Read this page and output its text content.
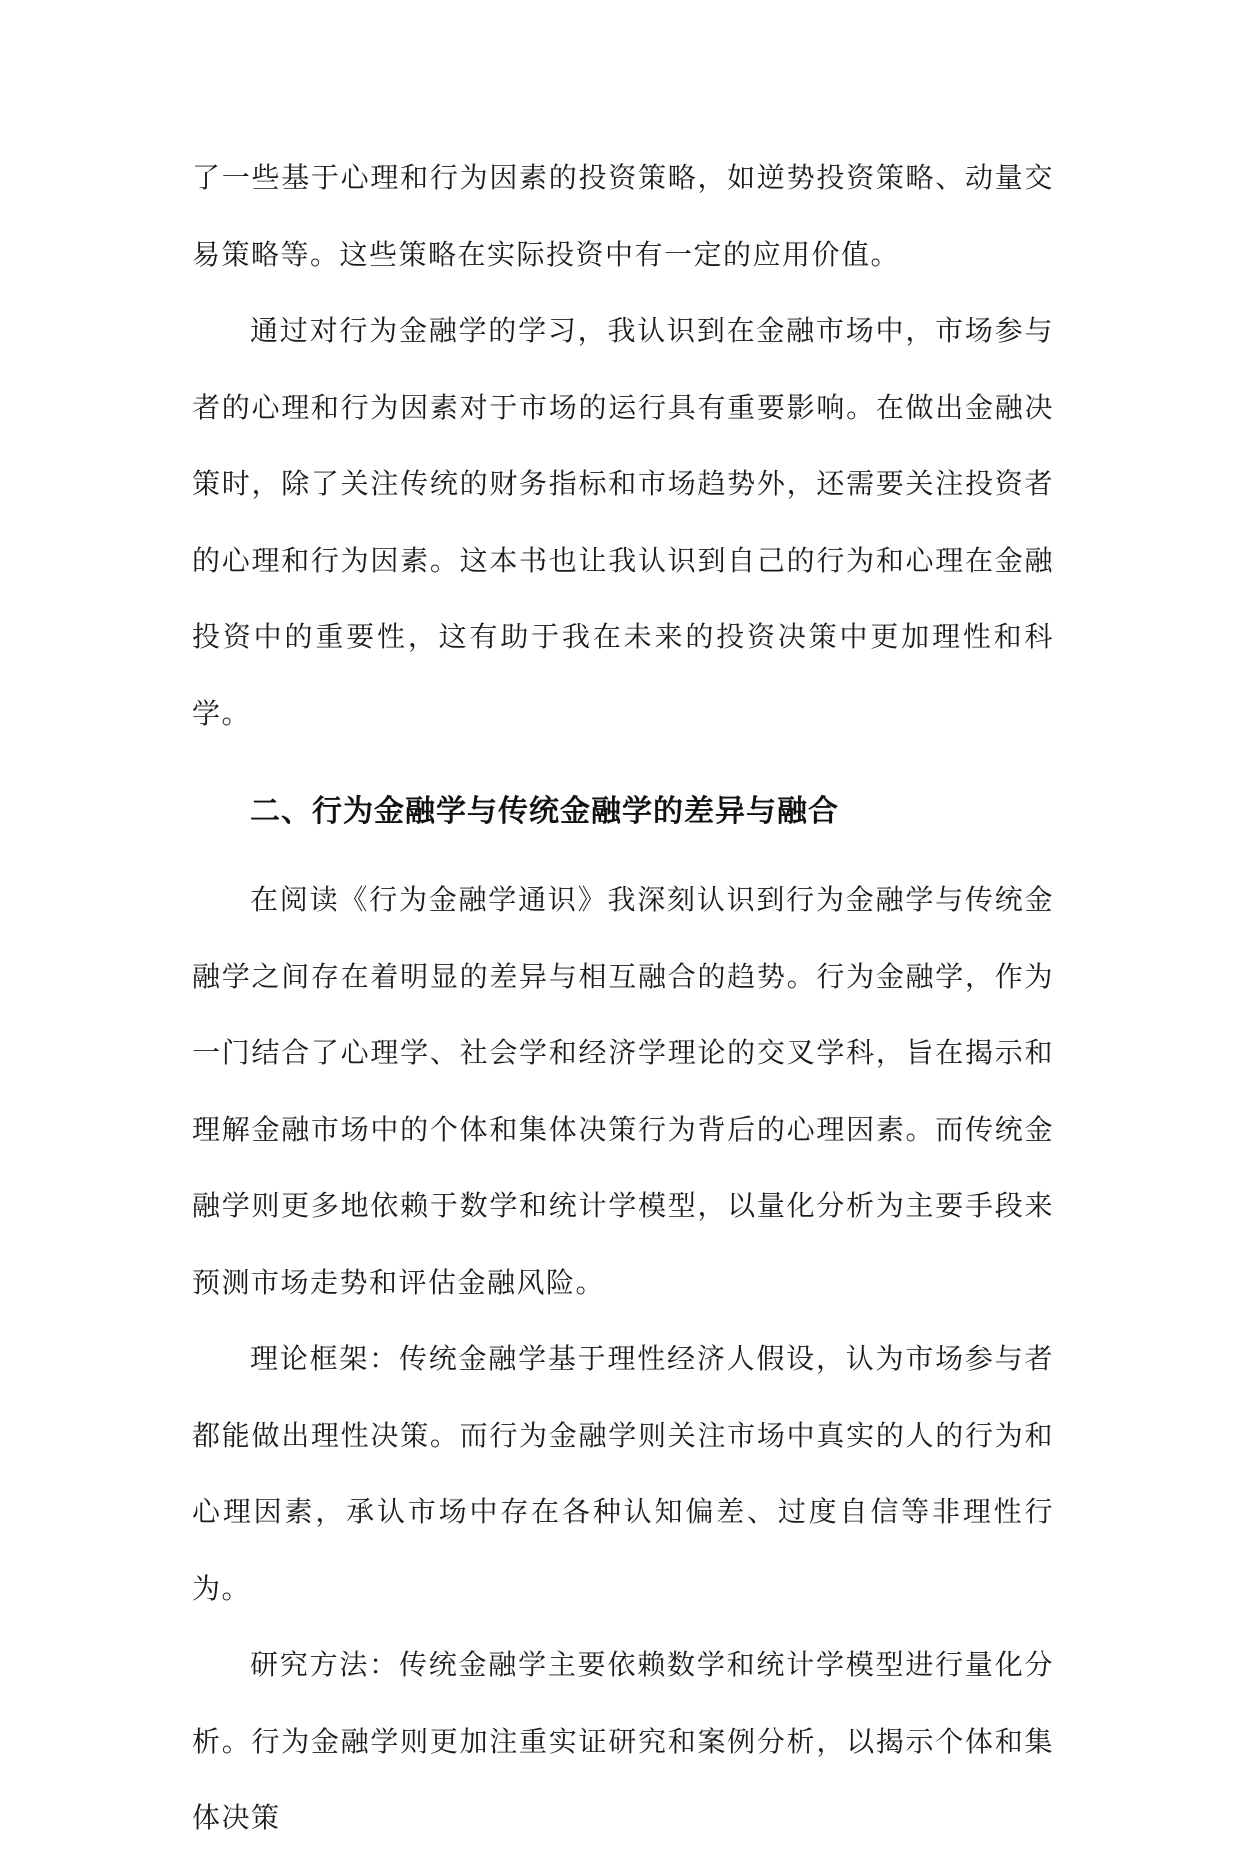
了一些基于心理和行为因素的投资策略，如逆势投资策略、动量交易策略等。这些策略在实际投资中有一定的应用价值。

通过对行为金融学的学习，我认识到在金融市场中，市场参与者的心理和行为因素对于市场的运行具有重要影响。在做出金融决策时，除了关注传统的财务指标和市场趋势外，还需要关注投资者的心理和行为因素。这本书也让我认识到自己的行为和心理在金融投资中的重要性，这有助于我在未来的投资决策中更加理性和科学。

二、行为金融学与传统金融学的差异与融合

在阅读《行为金融学通识》我深刻认识到行为金融学与传统金融学之间存在着明显的差异与相互融合的趋势。行为金融学，作为一门结合了心理学、社会学和经济学理论的交叉学科，旨在揭示和理解金融市场中的个体和集体决策行为背后的心理因素。而传统金融学则更多地依赖于数学和统计学模型，以量化分析为主要手段来预测市场走势和评估金融风险。

理论框架：传统金融学基于理性经济人假设，认为市场参与者都能做出理性决策。而行为金融学则关注市场中真实的人的行为和心理因素，承认市场中存在各种认知偏差、过度自信等非理性行为。

研究方法：传统金融学主要依赖数学和统计学模型进行量化分析。行为金融学则更加注重实证研究和案例分析，以揭示个体和集体决策
